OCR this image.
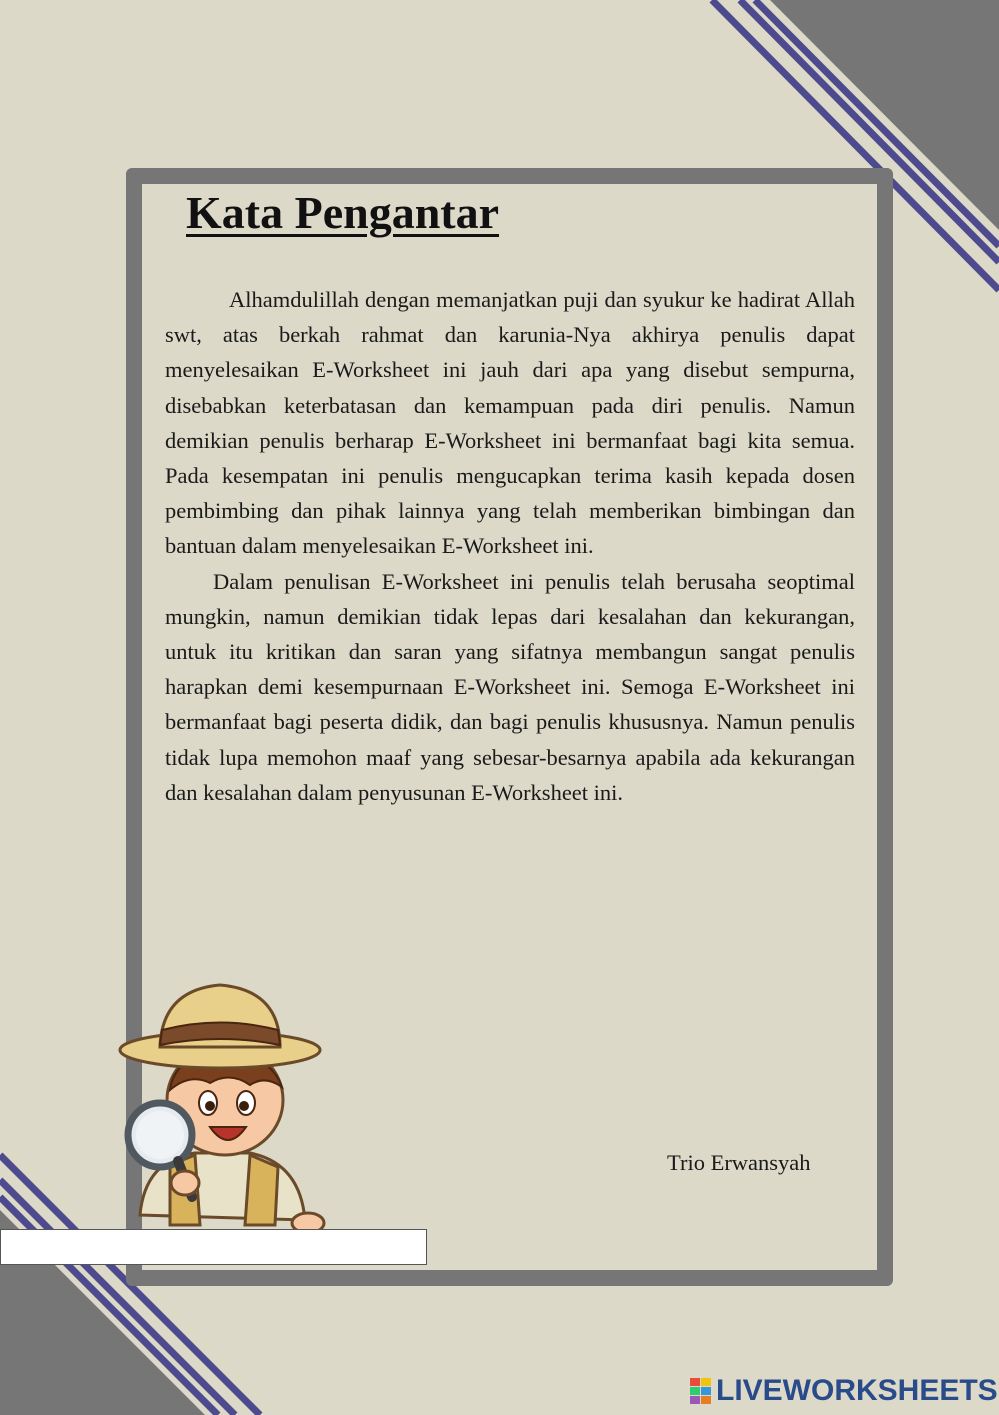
Kata Pengantar

Alhamdulillah dengan memanjatkan puji dan syukur ke hadirat Allah swt, atas berkah rahmat dan karunia-Nya akhirya penulis dapat menyelesaikan E-Worksheet ini jauh dari apa yang disebut sempurna, disebabkan keterbatasan dan kemampuan pada diri penulis. Namun demikian penulis berharap E-Worksheet ini bermanfaat bagi kita semua. Pada kesempatan ini penulis mengucapkan terima kasih kepada dosen pembimbing dan pihak lainnya yang telah memberikan bimbingan dan bantuan dalam menyelesaikan E-Worksheet ini.

Dalam penulisan E-Worksheet ini penulis telah berusaha seoptimal mungkin, namun demikian tidak lepas dari kesalahan dan kekurangan, untuk itu kritikan dan saran yang sifatnya membangun sangat penulis harapkan demi kesempurnaan E-Worksheet ini. Semoga E-Worksheet ini bermanfaat bagi peserta didik, dan bagi penulis khususnya. Namun penulis tidak lupa memohon maaf yang sebesar-besarnya apabila ada kekurangan dan kesalahan dalam penyusunan E-Worksheet ini.

Trio Erwansyah
LIVEWORKSHEETS
